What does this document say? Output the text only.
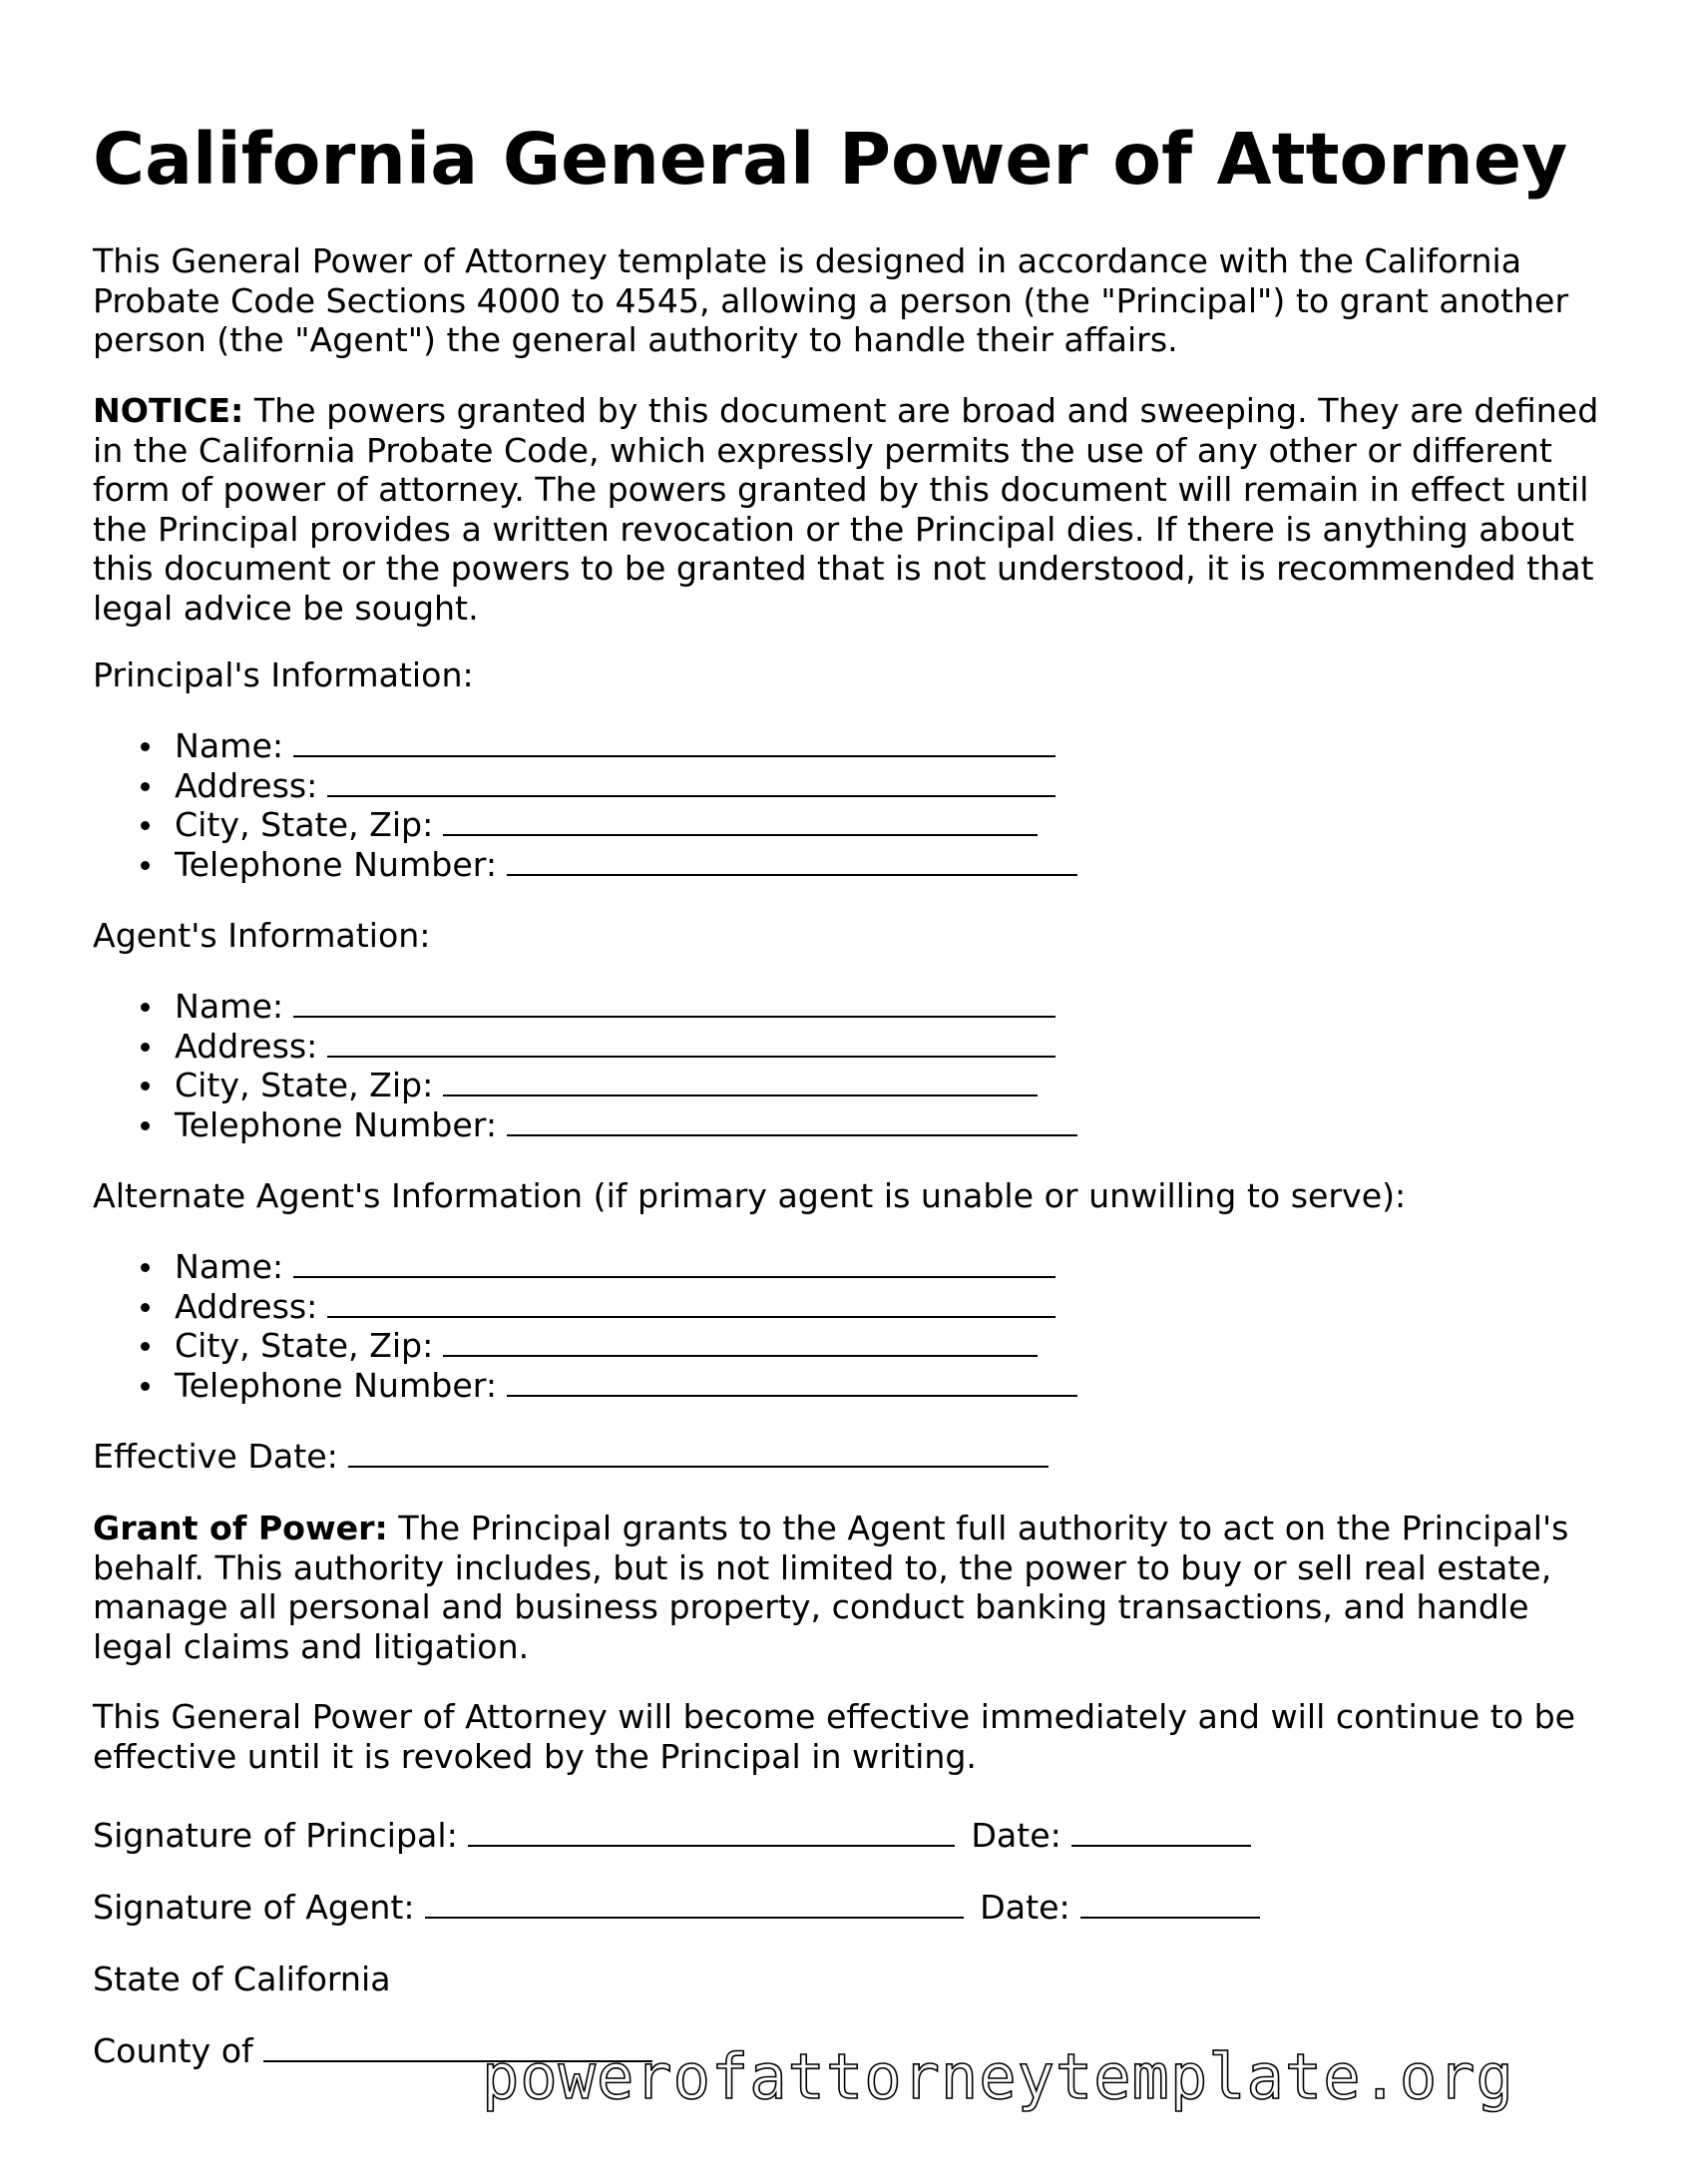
California General Power of Attorney

This General Power of Attorney template is designed in accordance with the California Probate Code Sections 4000 to 4545, allowing a person (the "Principal") to grant another person (the "Agent") the general authority to handle their affairs.

NOTICE: The powers granted by this document are broad and sweeping. They are defined in the California Probate Code, which expressly permits the use of any other or different form of power of attorney. The powers granted by this document will remain in effect until the Principal provides a written revocation or the Principal dies. If there is anything about this document or the powers to be granted that is not understood, it is recommended that legal advice be sought.

Principal's Information:

Name:
Address:
City, State, Zip:
Telephone Number:

Agent's Information:

Name:
Address:
City, State, Zip:
Telephone Number:

Alternate Agent's Information (if primary agent is unable or unwilling to serve):

Name:
Address:
City, State, Zip:
Telephone Number:

Effective Date:

Grant of Power: The Principal grants to the Agent full authority to act on the Principal's behalf. This authority includes, but is not limited to, the power to buy or sell real estate, manage all personal and business property, conduct banking transactions, and handle legal claims and litigation.

This General Power of Attorney will become effective immediately and will continue to be effective until it is revoked by the Principal in writing.

Signature of Principal:	Date:

Signature of Agent:	Date:

State of California

County of	powerofattorneytemplate.org
